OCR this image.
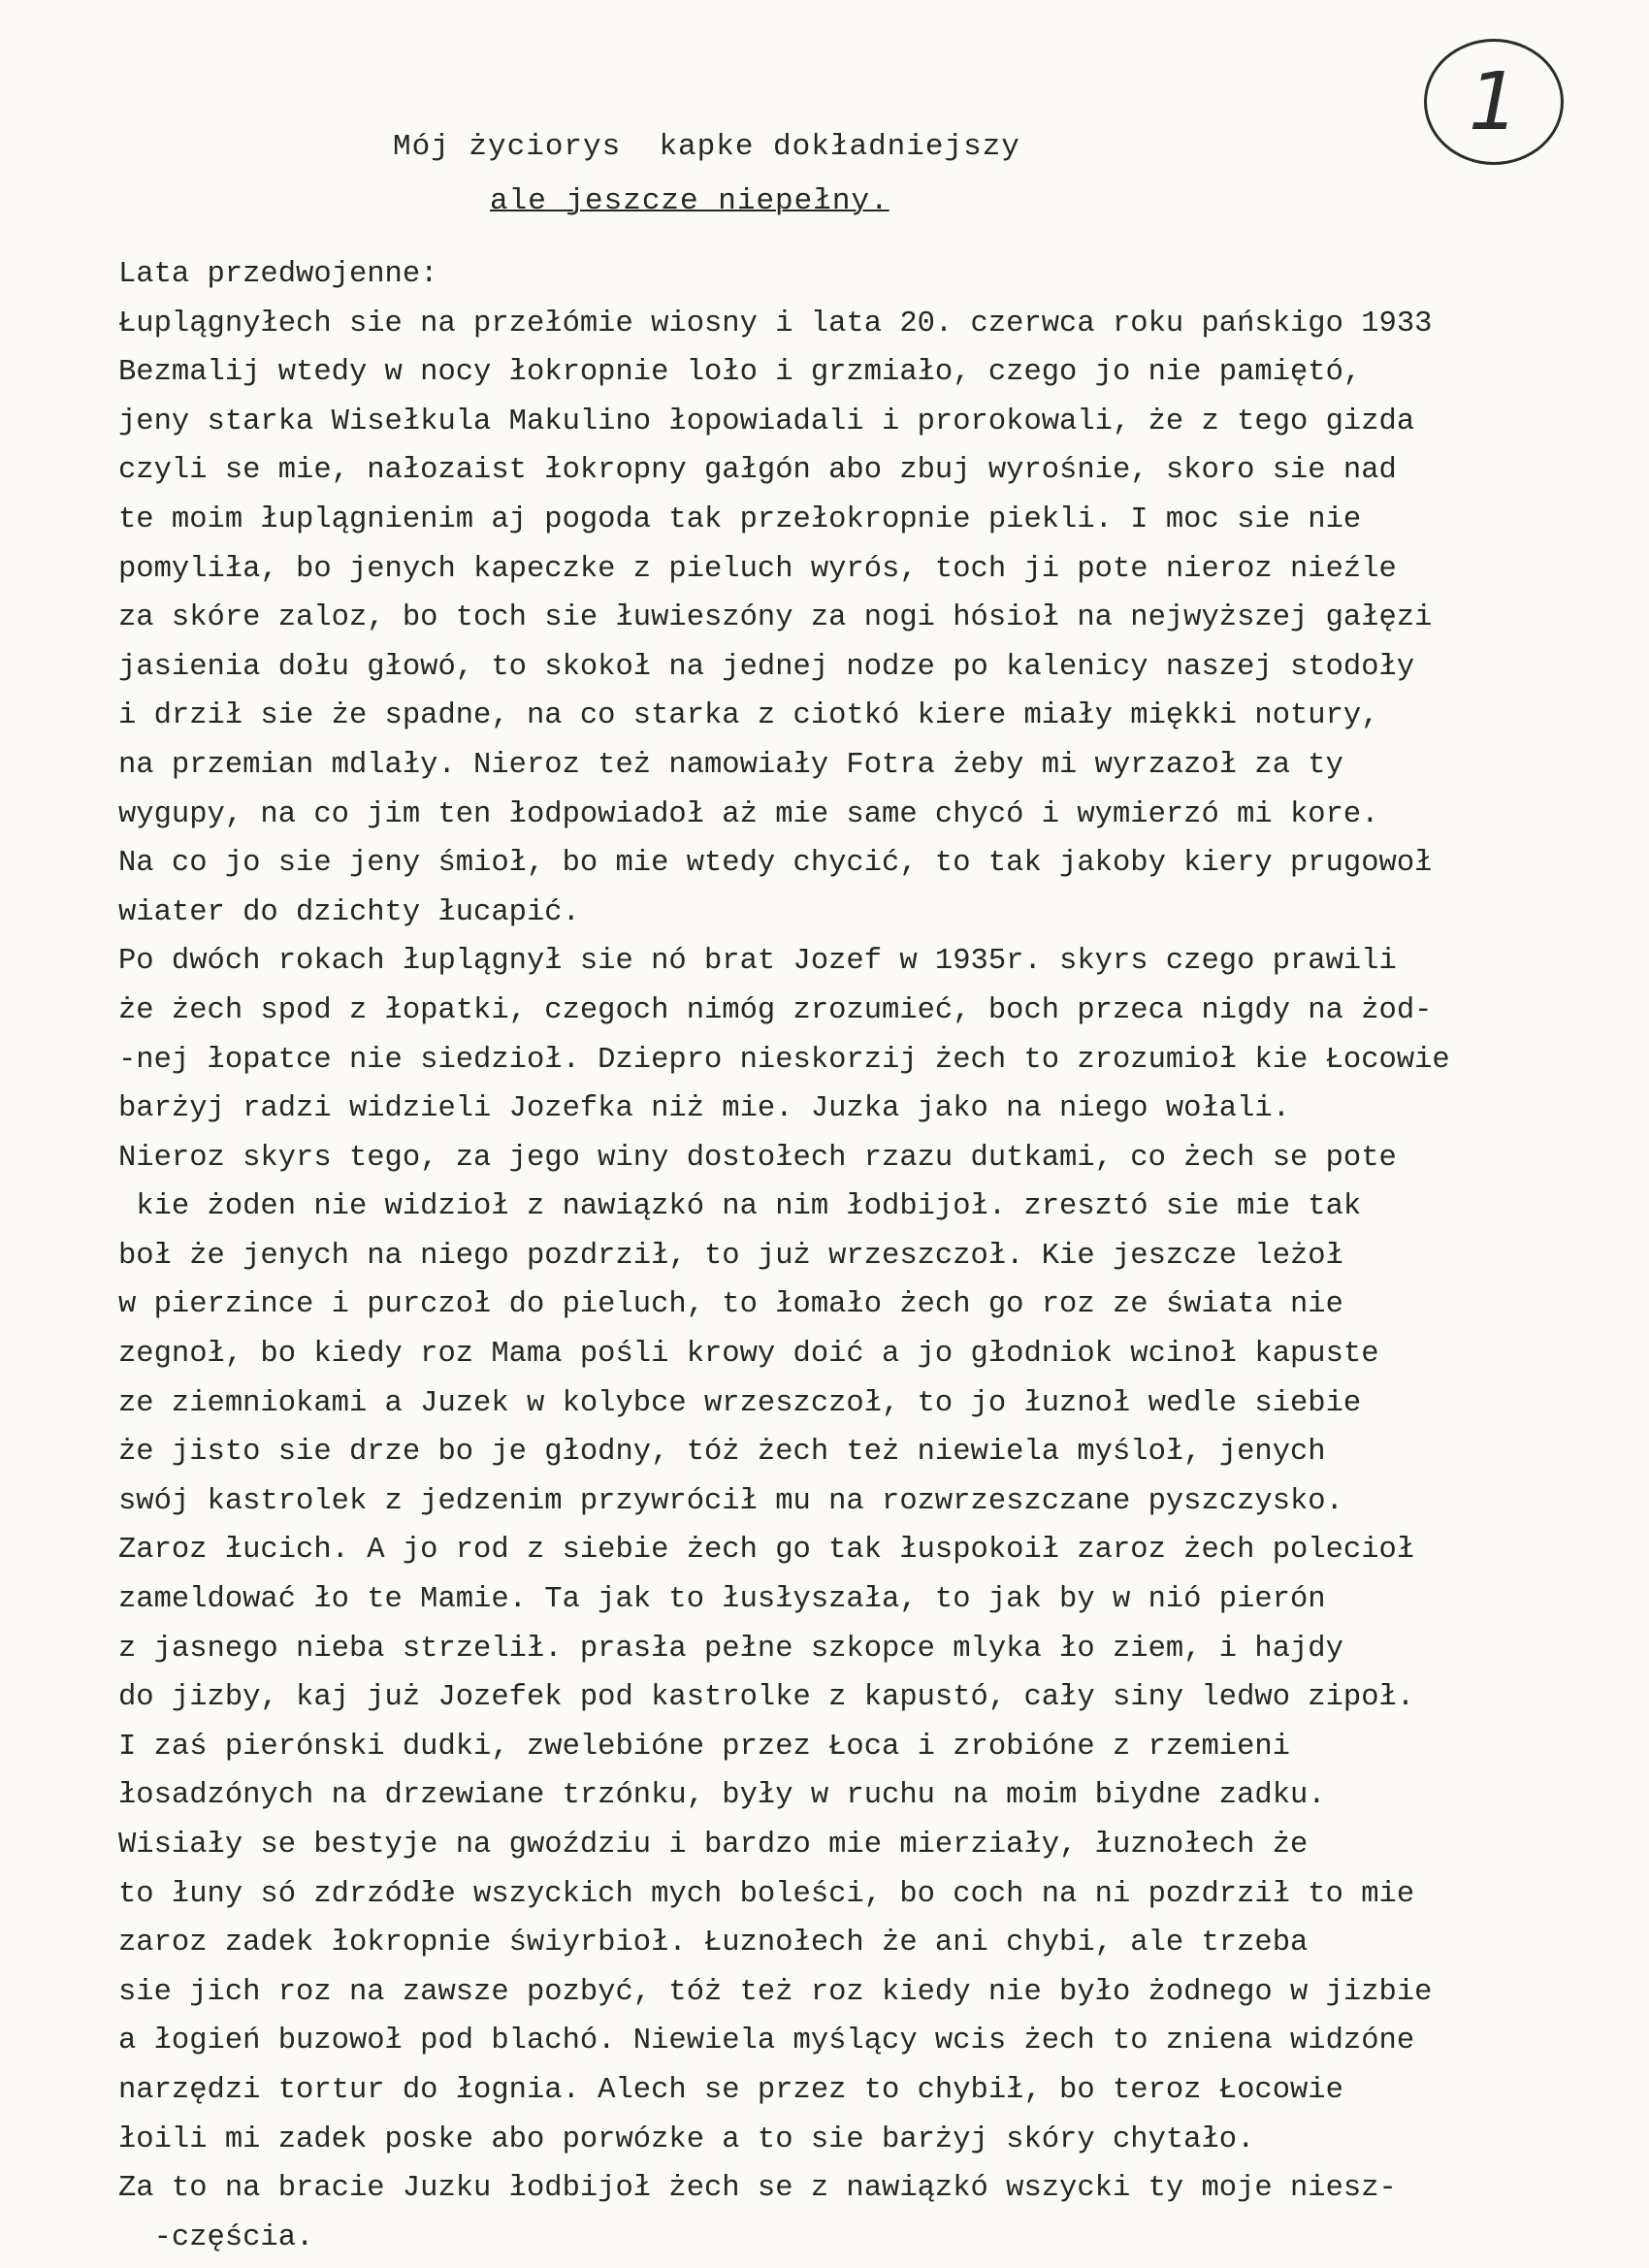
1
Mój życiorys  kapke dokładniejszy
ale jeszcze niepełny.
Lata przedwojenne:
Łuplągnyłech sie na przełómie wiosny i lata 20. czerwca roku pańskigo 1933
Bezmalij wtedy w nocy łokropnie loło i grzmiało, czego jo nie pamiętó,
jeny starka Wisełkula Makulino łopowiadali i prorokowali, że z tego gizda
czyli se mie, nałozaist łokropny gałgón abo zbuj wyrośnie, skoro sie nad
te moim łuplągnienim aj pogoda tak przełokropnie piekli. I moc sie nie
pomyliła, bo jenych kapeczke z pieluch wyrós, toch ji pote nieroz nieźle
za skóre zaloz, bo toch sie łuwieszóny za nogi hósioł na nejwyższej gałęzi
jasienia dołu głowó, to skokoł na jednej nodze po kalenicy naszej stodoły
i drził sie że spadne, na co starka z ciotkó kiere miały miękki notury,
na przemian mdlały. Nieroz też namowiały Fotra żeby mi wyrzazoł za ty
wygupy, na co jim ten łodpowiadoł aż mie same chycó i wymierzó mi kore.
Na co jo sie jeny śmioł, bo mie wtedy chycić, to tak jakoby kiery prugowoł
wiater do dzichty łucapić.
Po dwóch rokach łuplągnył sie nó brat Jozef w 1935r. skyrs czego prawili
że żech spod z łopatki, czegoch nimóg zrozumieć, boch przeca nigdy na żod-
-nej łopatce nie siedzioł. Dziepro nieskorzij żech to zrozumioł kie Łocowie
barżyj radzi widzieli Jozefka niż mie. Juzka jako na niego wołali.
Nieroz skyrs tego, za jego winy dostołech rzazu dutkami, co żech se pote
kie żoden nie widzioł z nawiązkó na nim łodbijoł. zresztó sie mie tak
boł że jenych na niego pozdrził, to już wrzeszczoł. Kie jeszcze leżoł
w pierzince i purczoł do pieluch, to łomało żech go roz ze świata nie
zegnoł, bo kiedy roz Mama pośli krowy doić a jo głodniok wcinoł kapuste
ze ziemniokami a Juzek w kolybce wrzeszczoł, to jo łuznoł wedle siebie
że jisto sie drze bo je głodny, tóż żech też niewiela myśloł, jenych
swój kastrolek z jedzenim przywrócił mu na rozwrzeszczane pyszczysko.
Zaroz łucich. A jo rod z siebie żech go tak łuspokoił zaroz żech polecioł
zameldować ło te Mamie. Ta jak to łusłyszała, to jak by w nió pierón
z jasnego nieba strzelił. prasła pełne szkopce mlyka ło ziem, i hajdy
do jizby, kaj już Jozefek pod kastrolke z kapustó, cały siny ledwo zipoł.
I zaś pierónski dudki, zwelebióne przez Łoca i zrobióne z rzemieni
łosadzónych na drzewiane trzónku, były w ruchu na moim biydne zadku.
Wisiały se bestyje na gwoździu i bardzo mie mierziały, łuznołech że
to łuny só zdrzódłe wszyckich mych boleści, bo coch na ni pozdrził to mie
zaroz zadek łokropnie świyrbioł. Łuznołech że ani chybi, ale trzeba
sie jich roz na zawsze pozbyć, tóż też roz kiedy nie było żodnego w jizbie
a łogień buzowoł pod blachó. Niewiela myślący wcis żech to zniena widzóne
narzędzi tortur do łognia. Alech se przez to chybił, bo teroz Łocowie
łoili mi zadek poske abo porwózke a to sie barżyj skóry chytało.
Za to na bracie Juzku łodbijoł żech se z nawiązkó wszycki ty moje niesz-
-częścia.
